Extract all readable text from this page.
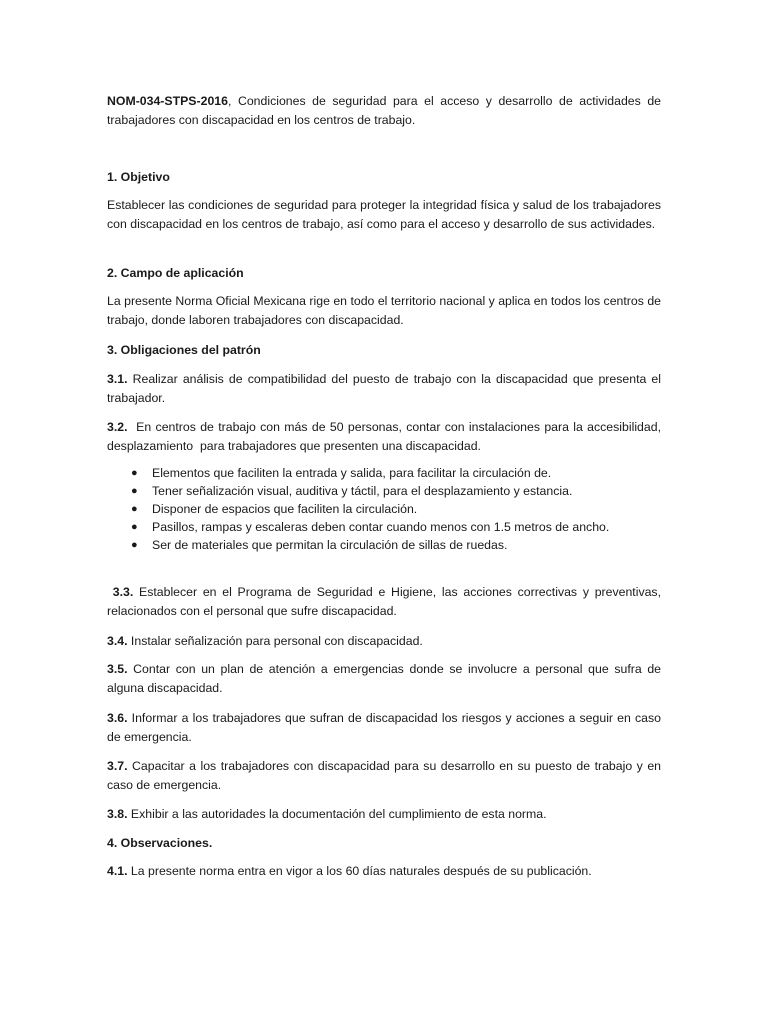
NOM-034-STPS-2016, Condiciones de seguridad para el acceso y desarrollo de actividades de trabajadores con discapacidad en los centros de trabajo.

1. Objetivo

Establecer las condiciones de seguridad para proteger la integridad física y salud de los trabajadores con discapacidad en los centros de trabajo, así como para el acceso y desarrollo de sus actividades.

2. Campo de aplicación

La presente Norma Oficial Mexicana rige en todo el territorio nacional y aplica en todos los centros de trabajo, donde laboren trabajadores con discapacidad.

3. Obligaciones del patrón

3.1. Realizar análisis de compatibilidad del puesto de trabajo con la discapacidad que presenta el trabajador.

3.2.  En centros de trabajo con más de 50 personas, contar con instalaciones para la accesibilidad, desplazamiento  para trabajadores que presenten una discapacidad.

● Elementos que faciliten la entrada y salida, para facilitar la circulación de.
● Tener señalización visual, auditiva y táctil, para el desplazamiento y estancia.
● Disponer de espacios que faciliten la circulación.
● Pasillos, rampas y escaleras deben contar cuando menos con 1.5 metros de ancho.
● Ser de materiales que permitan la circulación de sillas de ruedas.

3.3. Establecer en el Programa de Seguridad e Higiene, las acciones correctivas y preventivas, relacionados con el personal que sufre discapacidad.

3.4. Instalar señalización para personal con discapacidad.

3.5. Contar con un plan de atención a emergencias donde se involucre a personal que sufra de alguna discapacidad.

3.6. Informar a los trabajadores que sufran de discapacidad los riesgos y acciones a seguir en caso de emergencia.

3.7. Capacitar a los trabajadores con discapacidad para su desarrollo en su puesto de trabajo y en caso de emergencia.

3.8. Exhibir a las autoridades la documentación del cumplimiento de esta norma.

4. Observaciones.

4.1. La presente norma entra en vigor a los 60 días naturales después de su publicación.
